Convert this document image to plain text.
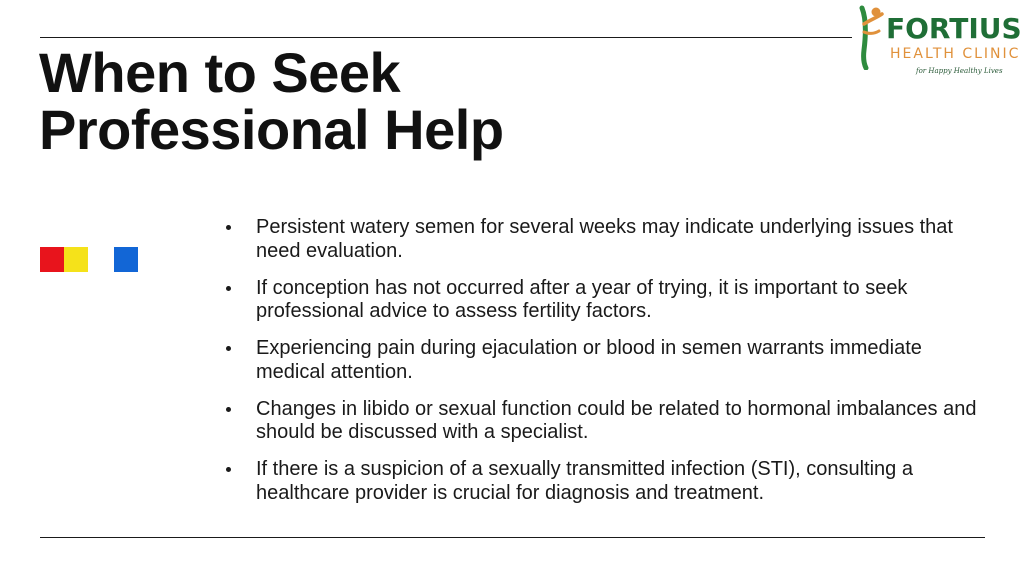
When to Seek Professional Help
Persistent watery semen for several weeks may indicate underlying issues that need evaluation.
If conception has not occurred after a year of trying, it is important to seek professional advice to assess fertility factors.
Experiencing pain during ejaculation or blood in semen warrants immediate medical attention.
Changes in libido or sexual function could be related to hormonal imbalances and should be discussed with a specialist.
If there is a suspicion of a sexually transmitted infection (STI), consulting a healthcare provider is crucial for diagnosis and treatment.
FORTIUS
HEALTH CLINIC
for Happy Healthy Lives
